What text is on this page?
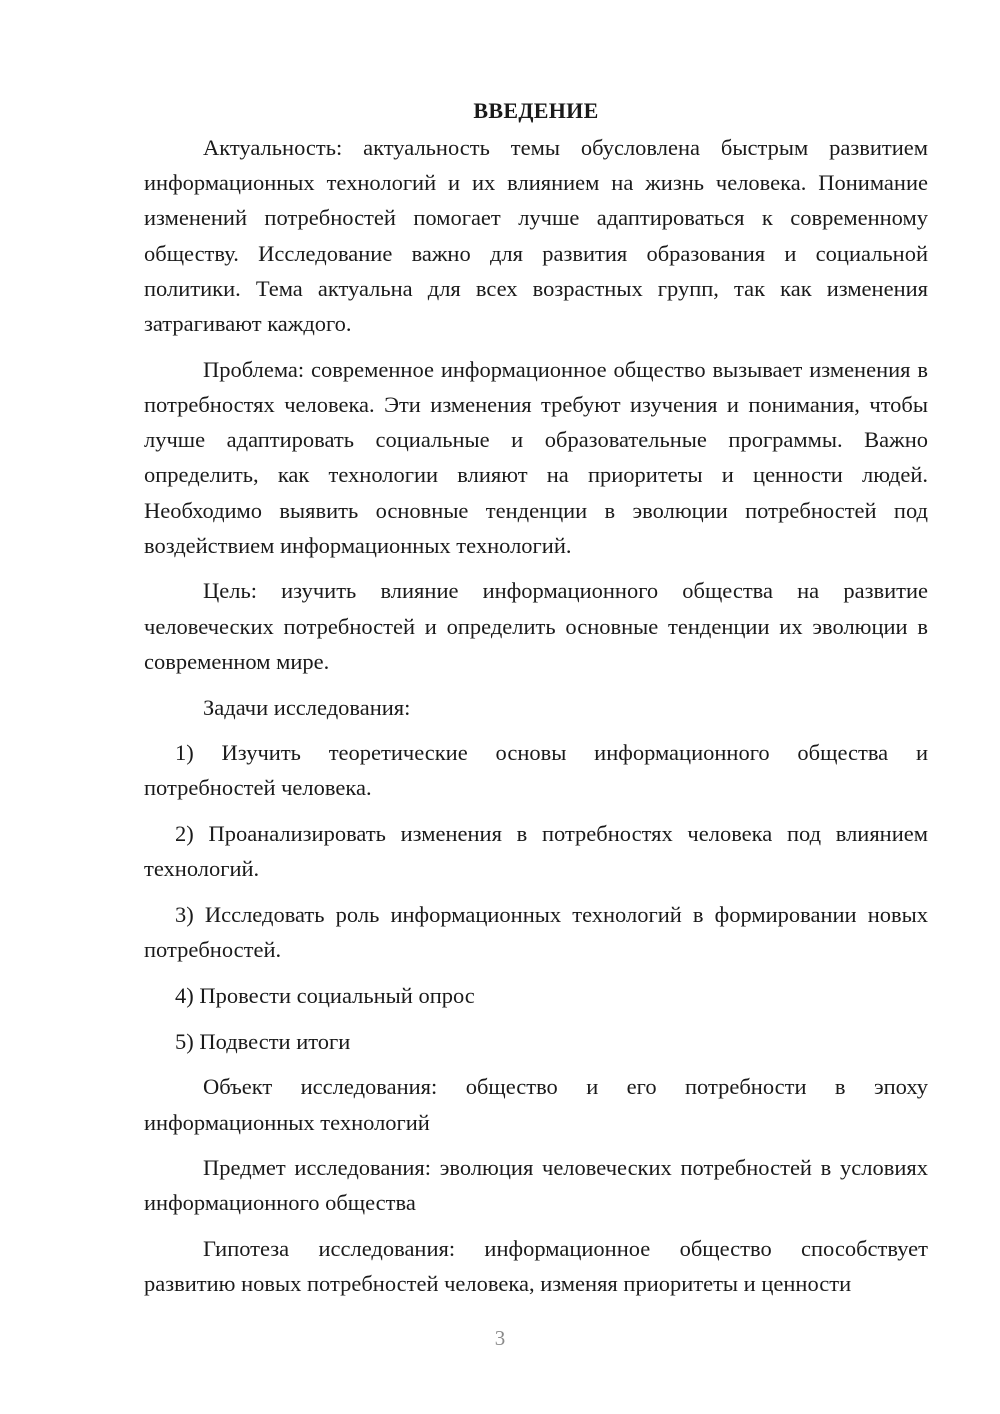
ВВЕДЕНИЕ

Актуальность: актуальность темы обусловлена быстрым развитием информационных технологий и их влиянием на жизнь человека. Понимание изменений потребностей помогает лучше адаптироваться к современному обществу. Исследование важно для развития образования и социальной политики. Тема актуальна для всех возрастных групп, так как изменения затрагивают каждого.

Проблема: современное информационное общество вызывает изменения в потребностях человека. Эти изменения требуют изучения и понимания, чтобы лучше адаптировать социальные и образовательные программы. Важно определить, как технологии влияют на приоритеты и ценности людей. Необходимо выявить основные тенденции в эволюции потребностей под воздействием информационных технологий.

Цель: изучить влияние информационного общества на развитие человеческих потребностей и определить основные тенденции их эволюции в современном мире.

Задачи исследования:

1) Изучить теоретические основы информационного общества и потребностей человека.

2) Проанализировать изменения в потребностях человека под влиянием технологий.

3) Исследовать роль информационных технологий в формировании новых потребностей.

4) Провести социальный опрос

5) Подвести итоги

Объект исследования: общество и его потребности в эпоху информационных технологий

Предмет исследования: эволюция человеческих потребностей в условиях информационного общества

Гипотеза исследования: информационное общество способствует развитию новых потребностей человека, изменяя приоритеты и ценности

3
